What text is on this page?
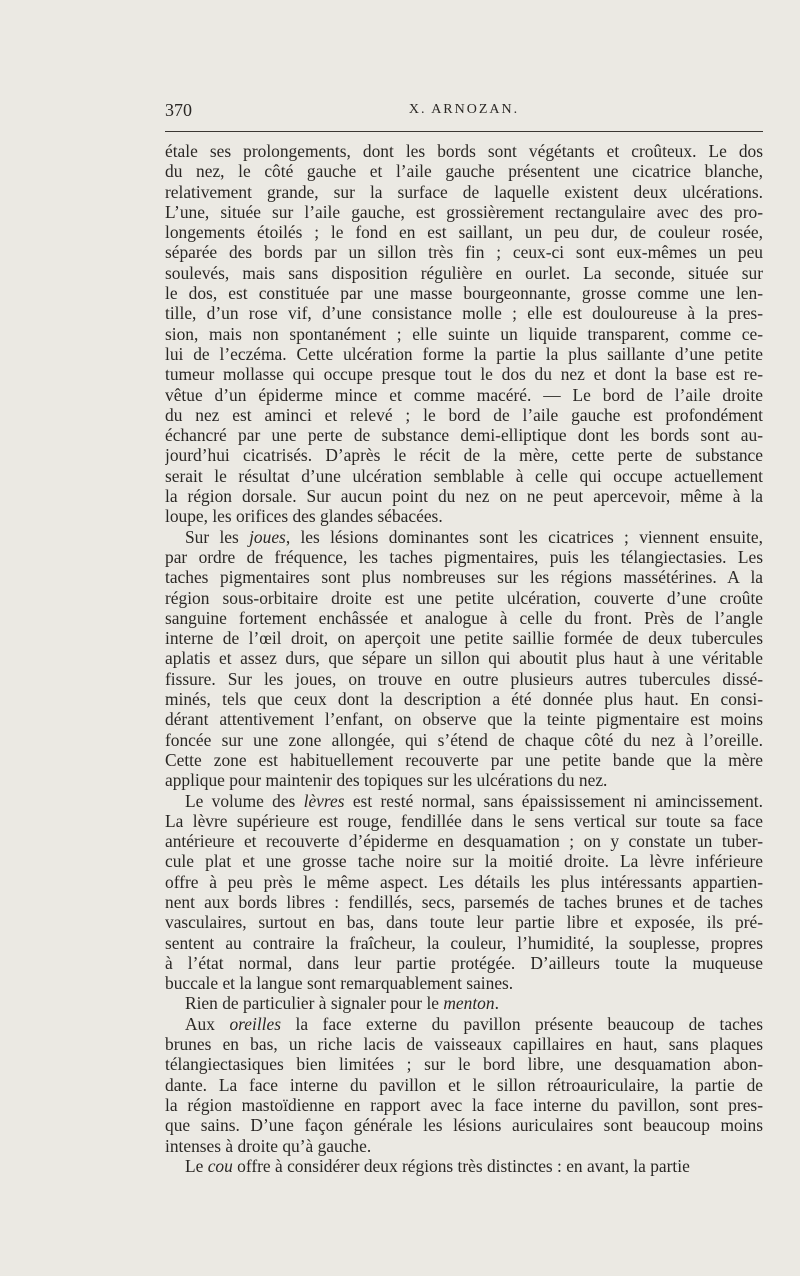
370	X. ARNOZAN.
étale ses prolongements, dont les bords sont végétants et croûteux. Le dos
du nez, le côté gauche et l’aile gauche présentent une cicatrice blanche,
relativement grande, sur la surface de laquelle existent deux ulcérations.
L’une, située sur l’aile gauche, est grossièrement rectangulaire avec des pro-
longements étoilés ; le fond en est saillant, un peu dur, de couleur rosée,
séparée des bords par un sillon très fin ; ceux-ci sont eux-mêmes un peu
soulevés, mais sans disposition régulière en ourlet. La seconde, située sur
le dos, est constituée par une masse bourgeonnante, grosse comme une len-
tille, d’un rose vif, d’une consistance molle ; elle est douloureuse à la pres-
sion, mais non spontanément ; elle suinte un liquide transparent, comme ce-
lui de l’eczéma. Cette ulcération forme la partie la plus saillante d’une petite
tumeur mollasse qui occupe presque tout le dos du nez et dont la base est re-
vêtue d’un épiderme mince et comme macéré. — Le bord de l’aile droite
du nez est aminci et relevé ; le bord de l’aile gauche est profondément
échancré par une perte de substance demi-elliptique dont les bords sont au-
jourd’hui cicatrisés. D’après le récit de la mère, cette perte de substance
serait le résultat d’une ulcération semblable à celle qui occupe actuellement
la région dorsale. Sur aucun point du nez on ne peut apercevoir, même à la
loupe, les orifices des glandes sébacées.
Sur les joues, les lésions dominantes sont les cicatrices ; viennent ensuite,
par ordre de fréquence, les taches pigmentaires, puis les télangiectasies. Les
taches pigmentaires sont plus nombreuses sur les régions massétérines. A la
région sous-orbitaire droite est une petite ulcération, couverte d’une croûte
sanguine fortement enchâssée et analogue à celle du front. Près de l’angle
interne de l’œil droit, on aperçoit une petite saillie formée de deux tubercules
aplatis et assez durs, que sépare un sillon qui aboutit plus haut à une véritable
fissure. Sur les joues, on trouve en outre plusieurs autres tubercules dissé-
minés, tels que ceux dont la description a été donnée plus haut. En consi-
dérant attentivement l’enfant, on observe que la teinte pigmentaire est moins
foncée sur une zone allongée, qui s’étend de chaque côté du nez à l’oreille.
Cette zone est habituellement recouverte par une petite bande que la mère
applique pour maintenir des topiques sur les ulcérations du nez.
Le volume des lèvres est resté normal, sans épaississement ni amincissement.
La lèvre supérieure est rouge, fendillée dans le sens vertical sur toute sa face
antérieure et recouverte d’épiderme en desquamation ; on y constate un tuber-
cule plat et une grosse tache noire sur la moitié droite. La lèvre inférieure
offre à peu près le même aspect. Les détails les plus intéressants appartien-
nent aux bords libres : fendillés, secs, parsemés de taches brunes et de taches
vasculaires, surtout en bas, dans toute leur partie libre et exposée, ils pré-
sentent au contraire la fraîcheur, la couleur, l’humidité, la souplesse, propres
à l’état normal, dans leur partie protégée. D’ailleurs toute la muqueuse
buccale et la langue sont remarquablement saines.
Rien de particulier à signaler pour le menton.
Aux oreilles la face externe du pavillon présente beaucoup de taches
brunes en bas, un riche lacis de vaisseaux capillaires en haut, sans plaques
télangiectasiques bien limitées ; sur le bord libre, une desquamation abon-
dante. La face interne du pavillon et le sillon rétroauriculaire, la partie de
la région mastoïdienne en rapport avec la face interne du pavillon, sont pres-
que sains. D’une façon générale les lésions auriculaires sont beaucoup moins
intenses à droite qu’à gauche.
Le cou offre à considérer deux régions très distinctes : en avant, la partie
